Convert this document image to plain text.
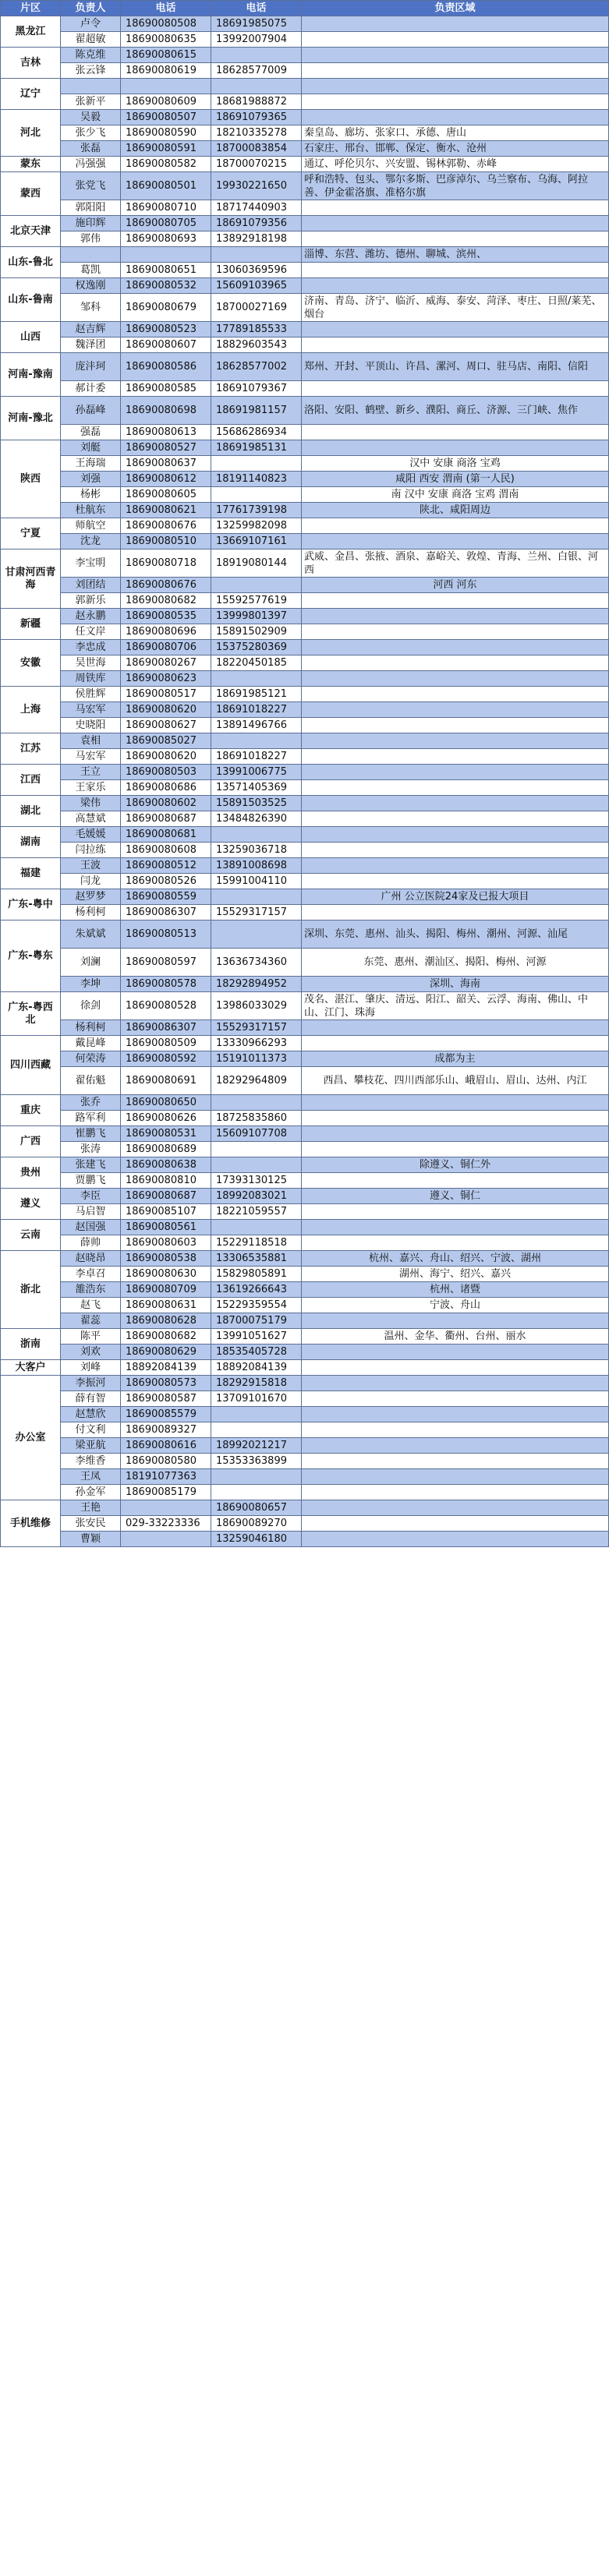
片区	负责人	电话	电话	负责区域
黑龙江	卢令	18690080508	18691985075	
	翟超敏	18690080635	13992007904	
吉林	陈克维	18690080615		
	张云锋	18690080619	18628577009	
辽宁				
	张新平	18690080609	18681988872	
河北	吴毅	18690080507	18691079365	
	张少飞	18690080590	18210335278	秦皇岛、廊坊、张家口、承德、唐山
	张磊	18690080591	18700083854	石家庄、邢台、邯郸、保定、衡水、沧州
蒙东	冯强强	18690080582	18700070215	通辽、呼伦贝尔、兴安盟、锡林郭勒、赤峰
蒙西	张党飞	18690080501	19930221650	呼和浩特、包头、鄂尔多斯、巴彦淖尔、乌兰察布、乌海、阿拉善、伊金霍洛旗、准格尔旗
	郭阳阳	18690080710	18717440903	
北京天津	施印辉	18690080705	18691079356	
	郭伟	18690080693	13892918198	
山东-鲁北				淄博、东营、潍坊、德州、聊城、滨州、
	葛凯	18690080651	13060369596	
山东-鲁南	权逸刚	18690080532	15609103965	
	邹科	18690080679	18700027169	济南、青岛、济宁、临沂、威海、泰安、菏泽、枣庄、日照/莱芜、烟台
山西	赵吉辉	18690080523	17789185533	
	魏泽团	18690080607	18829603543	
河南-豫南	庞沣珂	18690080586	18628577002	郑州、开封、平顶山、许昌、漯河、周口、驻马店、南阳、信阳
	郝计委	18690080585	18691079367	
河南-豫北	孙磊峰	18690080698	18691981157	洛阳、安阳、鹤壁、新乡、濮阳、商丘、济源、三门峡、焦作
	强磊	18690080613	15686286934	
陕西	刘艇	18690080527	18691985131	
	王海瑞	18690080637		汉中 安康 商洛 宝鸡
	刘强	18690080612	18191140823	咸阳 西安 渭南 (第一人民)
	杨彬	18690080605		南 汉中 安康 商洛 宝鸡 渭南
	杜航东	18690080621	17761739198	陕北、咸阳周边
宁夏	师航空	18690080676	13259982098	
	沈龙	18690080510	13669107161	
甘肃河西青海	李宝明	18690080718	18919080144	武威、金昌、张掖、酒泉、嘉峪关、敦煌、青海、兰州、白银、河西
	刘团结	18690080676		河西 河东
	郭新乐	18690080682	15592577619	
新疆	赵永鹏	18690080535	13999801397	
	任文岸	18690080696	15891502909	
安徽	李忠成	18690080706	15375280369	
	吴世海	18690080267	18220450185	
	周铁库	18690080623		
上海	侯胜辉	18690080517	18691985121	
	马宏军	18690080620	18691018227	
	史晓阳	18690080627	13891496766	
江苏	袁相	18690085027		
	马宏军	18690080620	18691018227	
江西	王立	18690080503	13991006775	
	王家乐	18690080686	13571405369	
湖北	梁伟	18690080602	15891503525	
	高慧斌	18690080687	13484826390	
湖南	毛媛媛	18690080681		
	闫拉练	18690080608	13259036718	
福建	王波	18690080512	13891008698	
	闫龙	18690080526	15991004110	
广东-粤中	赵罗梦	18690080559		广州 公立医院24家及已报大项目
	杨利柯	18690086307	15529317157	
广东-粤东	朱斌斌	18690080513		深圳、东莞、惠州、汕头、揭阳、梅州、潮州、河源、汕尾
	刘澜	18690080597	13636734360	东莞、惠州、潮汕区、揭阳、梅州、河源
	李坤	18690080578	18292894952	深圳、海南
广东-粤西北	徐剑	18690080528	13986033029	茂名、湛江、肇庆、清远、阳江、韶关、云浮、海南、佛山、中山、江门、珠海
	杨利柯	18690086307	15529317157	
四川西藏	戴昆峰	18690080509	13330966293	
	何荣涛	18690080592	15191011373	成都为主
	翟佑魁	18690080691	18292964809	西昌、攀枝花、四川西部乐山、峨眉山、眉山、达州、内江
重庆	张乔	18690080650		
	路军利	18690080626	18725835860	
广西	崔鹏飞	18690080531	15609107708	
	张涛	18690080689		
贵州	张建飞	18690080638		除遵义、铜仁外
	贾鹏飞	18690080810	17393130125	
遵义	李臣	18690080687	18992083021	遵义、铜仁
	马启智	18690085107	18221059557	
云南	赵国强	18690080561		
	薛帅	18690080603	15229118518	
浙北	赵晓昂	18690080538	13306535881	杭州、嘉兴、舟山、绍兴、宁波、湖州
	李卓召	18690080630	15829805891	湖州、海宁、绍兴、嘉兴
	雒浩东	18690080709	13619266643	杭州、诸暨
	赵飞	18690080631	15229359554	宁波、舟山
	翟蕊	18690080628	18700075179	
浙南	陈平	18690080682	13991051627	温州、金华、衢州、台州、丽水
	刘欢	18690080629	18535405728	
大客户	刘峰	18892084139	18892084139	
办公室	李振河	18690080573	18292915818	
	薛有智	18690080587	13709101670	
	赵慧欣	18690085579		
	付文利	18690089327		
	梁亚航	18690080616	18992021217	
	李维香	18690080580	15353363899	
	王凤	18191077363		
	孙金军	18690085179		
手机维修	王艳		18690080657	
	张安民	029-33223336	18690089270	
	曹颖		13259046180	
